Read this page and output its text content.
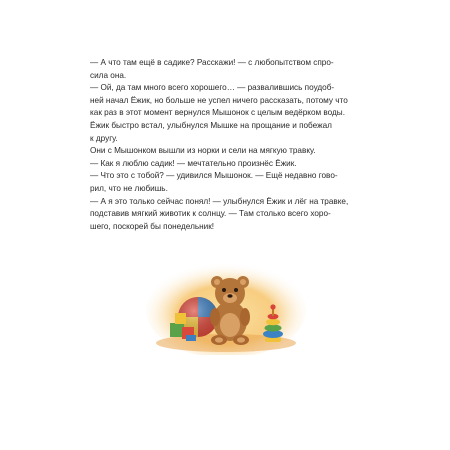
— А что там ещё в садике? Расскажи! — с любопытством спро-
сила она.

— Ой, да там много всего хорошего… — развалившись поудоб-
ней начал Ёжик, но больше не успел ничего рассказать, потому что
как раз в этот момент вернулся Мышонок с целым ведёрком воды.
Ёжик быстро встал, улыбнулся Мышке на прощание и побежал
к другу.

Они с Мышонком вышли из норки и сели на мягкую травку.

— Как я люблю садик! — мечтательно произнёс Ёжик.

— Что это с тобой? — удивился Мышонок. — Ещё недавно гово-
рил, что не любишь.

— А я это только сейчас понял! — улыбнулся Ёжик и лёг на травке,
подставив мягкий животик к солнцу. — Там столько всего хоро-
шего, поскорей бы понедельник!
